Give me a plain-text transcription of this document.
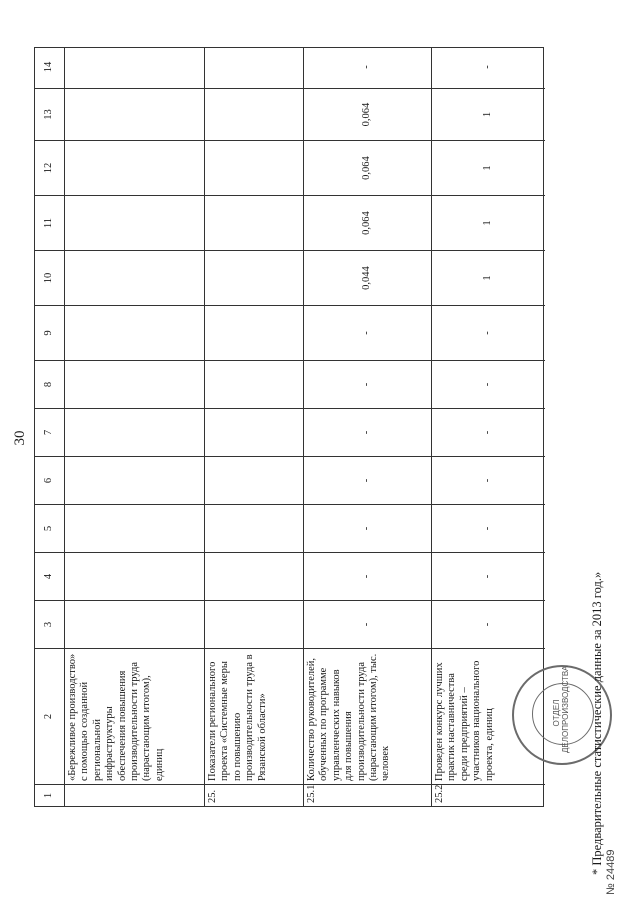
30
1
2
3
4
5
6
7
8
9
10
11
12
13
14
«Бережливое производство» с помощью созданной региональной инфраструктуры обеспечения повышения производительности труда (нарастающим итогом), единиц
25.
Показатели регионального проекта «Системные меры по повышению производительности труда в Рязанской области»
25.1
Количество руководителей, обученных по программе управленческих навыков для повышения производительности труда (нарастающим итогом), тыс. человек
-
-
-
-
-
-
-
0,044
0,064
0,064
0,064
-
25.2
Проведен конкурс лучших практик наставничества среди предприятий – участников национального проекта, единиц
-
-
-
-
-
-
-
1
1
1
1
-
ОТДЕЛ ДЕЛОПРОИЗВОДСТВА * Предварительные статистические данные за 2013 год.» № 24489
